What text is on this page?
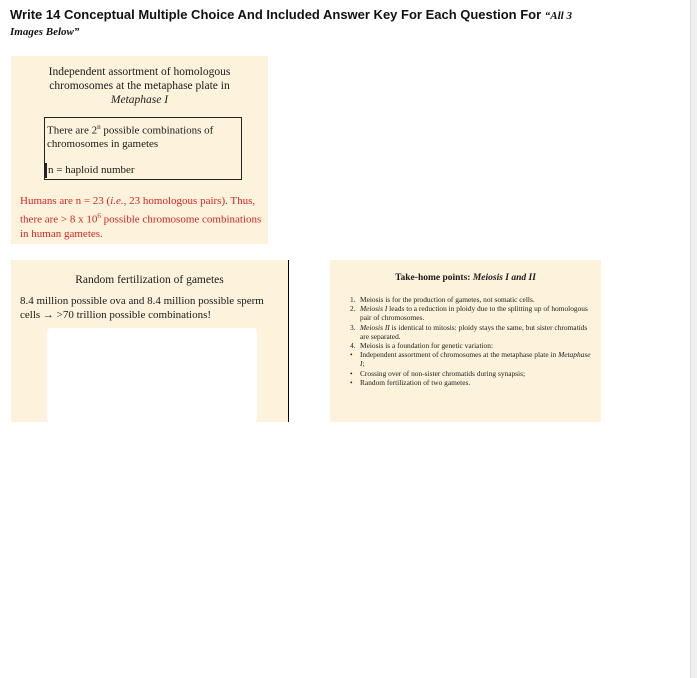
Write 14 Conceptual Multiple Choice And Included Answer Key For Each Question For “All 3
Images Below”
Independent assortment of homologous
chromosomes at the metaphase plate in
Metaphase I
There are 2$^n$ possible combinations of chromosomes in gametes
n = haploid number
Humans are n = 23 (i.e., 23 homologous pairs). Thus, there are > 8 x $10^6$ possible chromosome combinations in human gametes.
Random fertilization of gametes
8.4 million possible ova and 8.4 million possible sperm cells → >70 trillion possible combinations!
Take-home points: Meiosis I and II
1. Meiosis is for the production of gametes, not somatic cells.
2. Meiosis I leads to a reduction in ploidy due to the splitting up of homologous pair of chromosomes.
3. Meiosis II is identical to mitosis: ploidy stays the same, but sister chromatids are separated.
4. Meiosis is a foundation for genetic variation:
• Independent assortment of chromosomes at the metaphase plate in Metaphase I;
• Crossing over of non-sister chromatids during synapsis;
• Random fertilization of two gametes.
